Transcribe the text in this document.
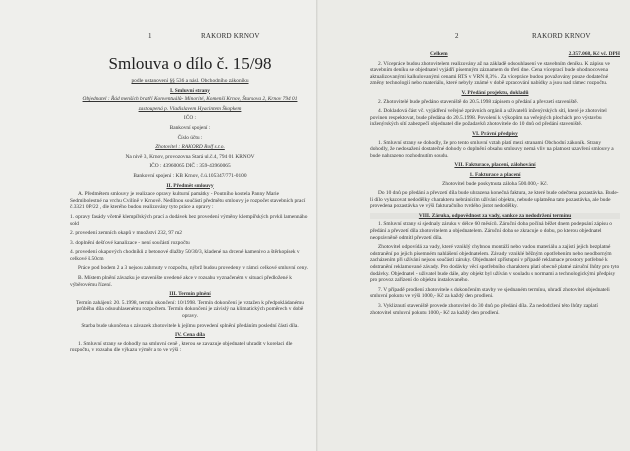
1	RAKORD KRNOV
Smlouva o dílo č. 15/98

podle ustanovení §§ 536 a násl. Obchodního zákoníku

I. Smluvní strany

Objednatel : Řád menších bratří Konventuálů- Minorité, Komenší Krnov, Štursova 2, Krnov 794 01

zastoupená p. Vladislavem Hyacintem Škopkem

IČO :

Bankovní spojení :

Číslo účtu :

Zhotovitel : RAKORD Rolf s.r.o.

Na nivě 3, Krnov, provozovna Stará ul.č.4, 794 01 KRNOV

IČO : 43960065 DIČ : 359-43960065

Bankovní spojení : KB Krnov, č.ú.105347/771-0100

II. Předmět smlouvy

A. Předmětem smlouvy je realizace opravy kulturní památky - Poutního kostela Panny Marie Sedmibolestné na vrchu Cvilíně v Krnově. Nedílnou součástí předmětu smlouvy je rozpočet stavebních prací č.3321 0P/22 , dle kterého budou realizovány tyto práce a opravy :

1. opravy fasády včetně klempířských prací a dodávek bez provedení výměny klempířských prvků lamennáho sold

2. provedení zemních okapů v množství 232, 97 m2

3. doplnění dešťové kanalizace - není součástí rozpočtu

4. provedení okapových chodníků z betonové dlažby 50/30/3, kladené na drcené kamenivo a štěrkopísek v celkové š.50cm

Práce pod bodem 2 a 3 nejsou zahrnuty v rozpočtu, nýbrž budou provedeny v rámci celkové smluvní ceny.

B. Místem plnění závazku je stavenište uvedené akce v rozsahu vyznačeném v situaci předložené k výběrovému řízení.

III. Termín plnění

Termín zahájení: 20. 5.1998, termín ukončení: 10/1998. Termín dokončení je vztažen k předpokládanému průběhu díla odsouhlasenému rozpočtem. Termín dokončení je závislý na klimatických poměrech v době opravy.

Starba bude ukončena s závazek zhotovitele k jejímu provedení splnění předáním poslední části díla.

IV. Cena díla

1. Smluvní strany se dohodly na smluvní ceně , kterou se zavazuje objednatel uhradit v korelaci dle rozpočtu, v rozsahu dle výkazu výměr a to ve výši :

2	RAKORD KRNOV
Celkem	2.357.068, Kč vč. DPH

2. Vícepráce budou zhotovitelem realizovány až na základě odsouhlasení ve stavebním deníku. K zápisu ve stavebním deníku se objednatel vyjádří písemným záznamem do třetí dne. Cena víceprací bude ohodnocovena aktualizovanými kalkulovanými cenami RTS v VRN 8,3% . Za vícepráce budou považovány pouze dodatečné změny technologií nebo materiálu, které nebyly známé v době zpracování nabídky a jsou nad rámec rozpočtu.

V. Předání projektu, dokladů

2. Zhotovitelé bude předáno staveniště do 20.5.1998 zápisem o předání a převzetí staveniště.

4. Dokladová část vč. vyjádření veřejné zprávních orgánů a uživatelů inženýrských sítí, které je zhotovitel povinen respektovat, bude předána do 20.5.1998. Povolení k výkopům na veřejných plochách pro výstavbu inženýrských sítí zabezpečí objednatel dle požadavků zhotovitele do 10 dnů od předání staveniště.

VI. Právní předpisy

1. Smluvní strany se dohodly, že pro tento smluvní vztah platí mezi stranami Obchodní zákoník. Strany dohodly, že nedosažení dostatečné dohody o doplnění obsahu smlouvy nemá vliv na platnost uzavření smlouvy a bude nahrazeno rozhodnutím soudu.

VII. Fakturace, placení, zálohování
1. Fakturace a placení

Zhotovitel bude poskytnuta záloha 500.000,- Kč.

Do 10 dnů po předání a převzetí díla bude uhrazena konečná faktura, ze které bude odečtena pozastávka. Bude-li dílo vykazovat nedodělky charakteru nebránícím užívání objektu, nebude uplatněna tato pozastávka, ale bude provedena pozastávka ve výši fakturačního tvrdého jistot nedodělky.

VIII. Záruka, odpovědnost za vady, sankce za nedodržení termínu

1. Smluvní strany si sjednaly záruku v délce 60 měsíců. Záruční doba počíná běžet dnem podepsání zápisu o předání a převzetí díla zhotovitelem a objednatelem. Záruční doba se zkracuje o dobu, po kterou objednatel neoprávněně odmítl převzetí díla.

Zhotovitel odpovídá za vady, které vzniklý chybnou montáží nebo vadou materiálu a zajistí jejich bezplatné odstranění po jejich písemném nahlášení objednatelem. Závady vzniklé běžným opotřebením nebo neodborným zacházením při užívání nejsou součástí záruky. Objednatel zpřístupní v případě reklamace prostory potřebné k odstranění reklamované závady. Pro dodávky věcí spotřebního charakteru platí obecně platné záruční lhůty pro tyto dodávky. Objednatel - uživatel bude dále, aby objekt byl užíván v souladu s normami a technologickými předpisy pro provoz zařízení do objektu instalovaného.

7. V případě prodlení zhotovitele s dokončením stavby ve sjednaném termínu, uhradí zhotovitel objednateli smluvní pokutu ve výši 1000,- Kč za každý den prodlení.

3. Vykliznutí staveniště provede zhotovitel do 30 dnů po předání díla. Za nedodržení této lhůty zaplatí zhotovitel smluvní pokutu 1000,- Kč za každý den prodlení.
